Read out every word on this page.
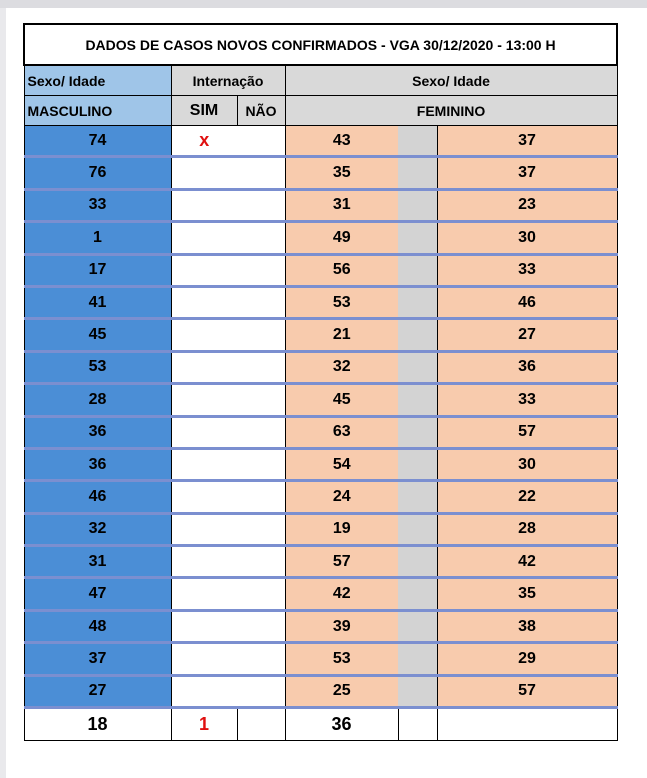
DADOS DE CASOS NOVOS CONFIRMADOS - VGA 30/12/2020 - 13:00 H					
Sexo/ Idade	Internação		Sexo/ Idade		
MASCULINO	SIM	NÃO	FEMININO		
74	x		43		37
76			35		37
33			31		23
1			49		30
17			56		33
41			53		46
45			21		27
53			32		36
28			45		33
36			63		57
36			54		30
46			24		22
32			19		28
31			57		42
47			42		35
48			39		38
37			53		29
27			25		57
18	1		36		
